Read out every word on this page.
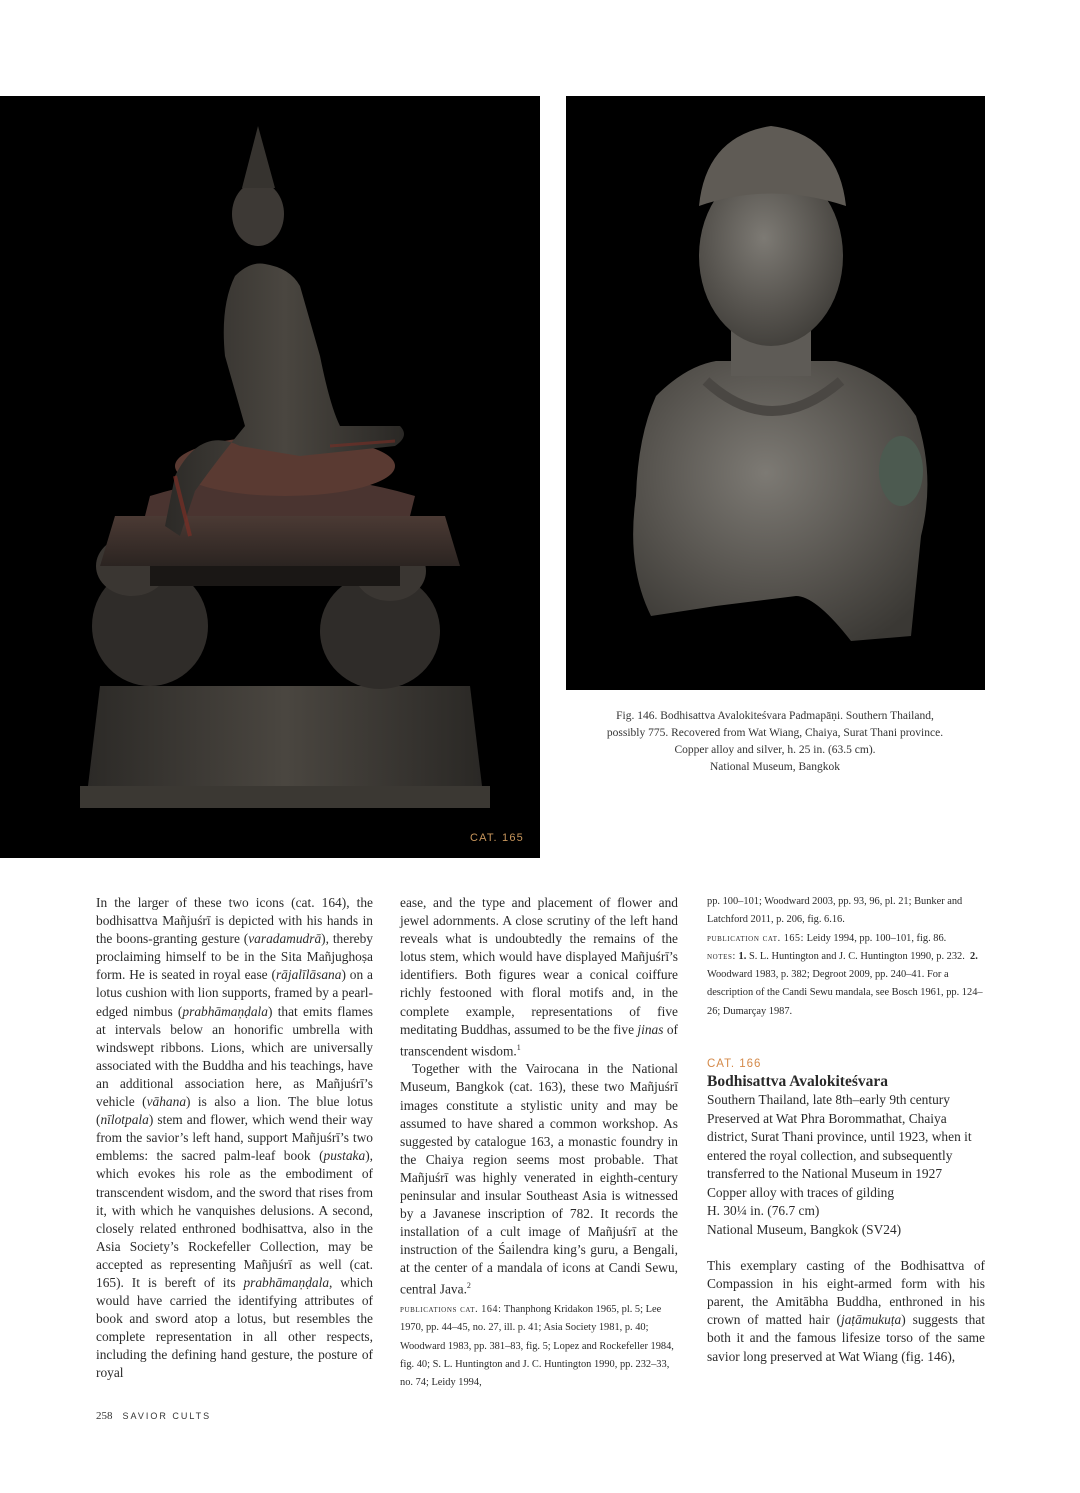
CAT. 165
Fig. 146. Bodhisattva Avalokiteśvara Padmapāṇi. Southern Thailand,
possibly 775. Recovered from Wat Wiang, Chaiya, Surat Thani province.
Copper alloy and silver, h. 25 in. (63.5 cm).
National Museum, Bangkok

In the larger of these two icons (cat. 164), the bodhisattva Mañjuśrī is depicted with his hands in the boons-granting gesture (varadamudrā), thereby proclaiming himself to be in the Sita Mañjughoṣa form. He is seated in royal ease (rājalīlāsana) on a lotus cushion with lion supports, framed by a pearl-edged nimbus (prabhāmaṇḍala) that emits flames at intervals below an honorific umbrella with windswept ribbons. Lions, which are universally associated with the Buddha and his teachings, have an additional association here, as Mañjuśrī’s vehicle (vāhana) is also a lion. The blue lotus (nīlotpala) stem and flower, which wend their way from the savior’s left hand, support Mañjuśrī’s two emblems: the sacred palm-leaf book (pustaka), which evokes his role as the embodiment of transcendent wisdom, and the sword that rises from it, with which he vanquishes delusions. A second, closely related enthroned bodhisattva, also in the Asia Society’s Rockefeller Collection, may be accepted as representing Mañjuśrī as well (cat. 165). It is bereft of its prabhāmaṇḍala, which would have carried the identifying attributes of book and sword atop a lotus, but resembles the complete representation in all other respects, including the defining hand gesture, the posture of royal

ease, and the type and placement of flower and jewel adornments. A close scrutiny of the left hand reveals what is undoubtedly the remains of the lotus stem, which would have displayed Mañjuśrī’s identifiers. Both figures wear a conical coiffure richly festooned with floral motifs and, in the complete example, representations of five meditating Buddhas, assumed to be the five jinas of transcendent wisdom.$^1$

Together with the Vairocana in the National Museum, Bangkok (cat. 163), these two Mañjuśrī images constitute a stylistic unity and may be assumed to have shared a common workshop. As suggested by catalogue 163, a monastic foundry in the Chaiya region seems most probable. That Mañjuśrī was highly venerated in eighth-century peninsular and insular Southeast Asia is witnessed by a Javanese inscription of 782. It records the installation of a cult image of Mañjuśrī at the instruction of the Śailendra king’s guru, a Bengali, at the center of a mandala of icons at Candi Sewu, central Java.$^2$

publications cat. 164: Thanphong Kridakon 1965, pl. 5; Lee 1970, pp. 44–45, no. 27, ill. p. 41; Asia Society 1981, p. 40; Woodward 1983, pp. 381–83, fig. 5; Lopez and Rockefeller 1984, fig. 40; S. L. Huntington and J. C. Huntington 1990, pp. 232–33, no. 74; Leidy 1994,

pp. 100–101; Woodward 2003, pp. 93, 96, pl. 21; Bunker and Latchford 2011, p. 206, fig. 6.16.

publication cat. 165: Leidy 1994, pp. 100–101, fig. 86.

notes: 1. S. L. Huntington and J. C. Huntington 1990, p. 232. 2. Woodward 1983, p. 382; Degroot 2009, pp. 240–41. For a description of the Candi Sewu mandala, see Bosch 1961, pp. 124–26; Dumarçay 1987.

CAT. 166
Bodhisattva Avalokiteśvara
Southern Thailand, late 8th–early 9th century
Preserved at Wat Phra Borommathat, Chaiya district, Surat Thani province, until 1923, when it entered the royal collection, and subsequently transferred to the National Museum in 1927
Copper alloy with traces of gilding
H. 30¼ in. (76.7 cm)
National Museum, Bangkok (SV24)

This exemplary casting of the Bodhisattva of Compassion in his eight-armed form with his parent, the Amitābha Buddha, enthroned in his crown of matted hair (jaṭāmukuṭa) suggests that both it and the famous lifesize torso of the same savior long preserved at Wat Wiang (fig. 146),

258 SAVIOR CULTS
